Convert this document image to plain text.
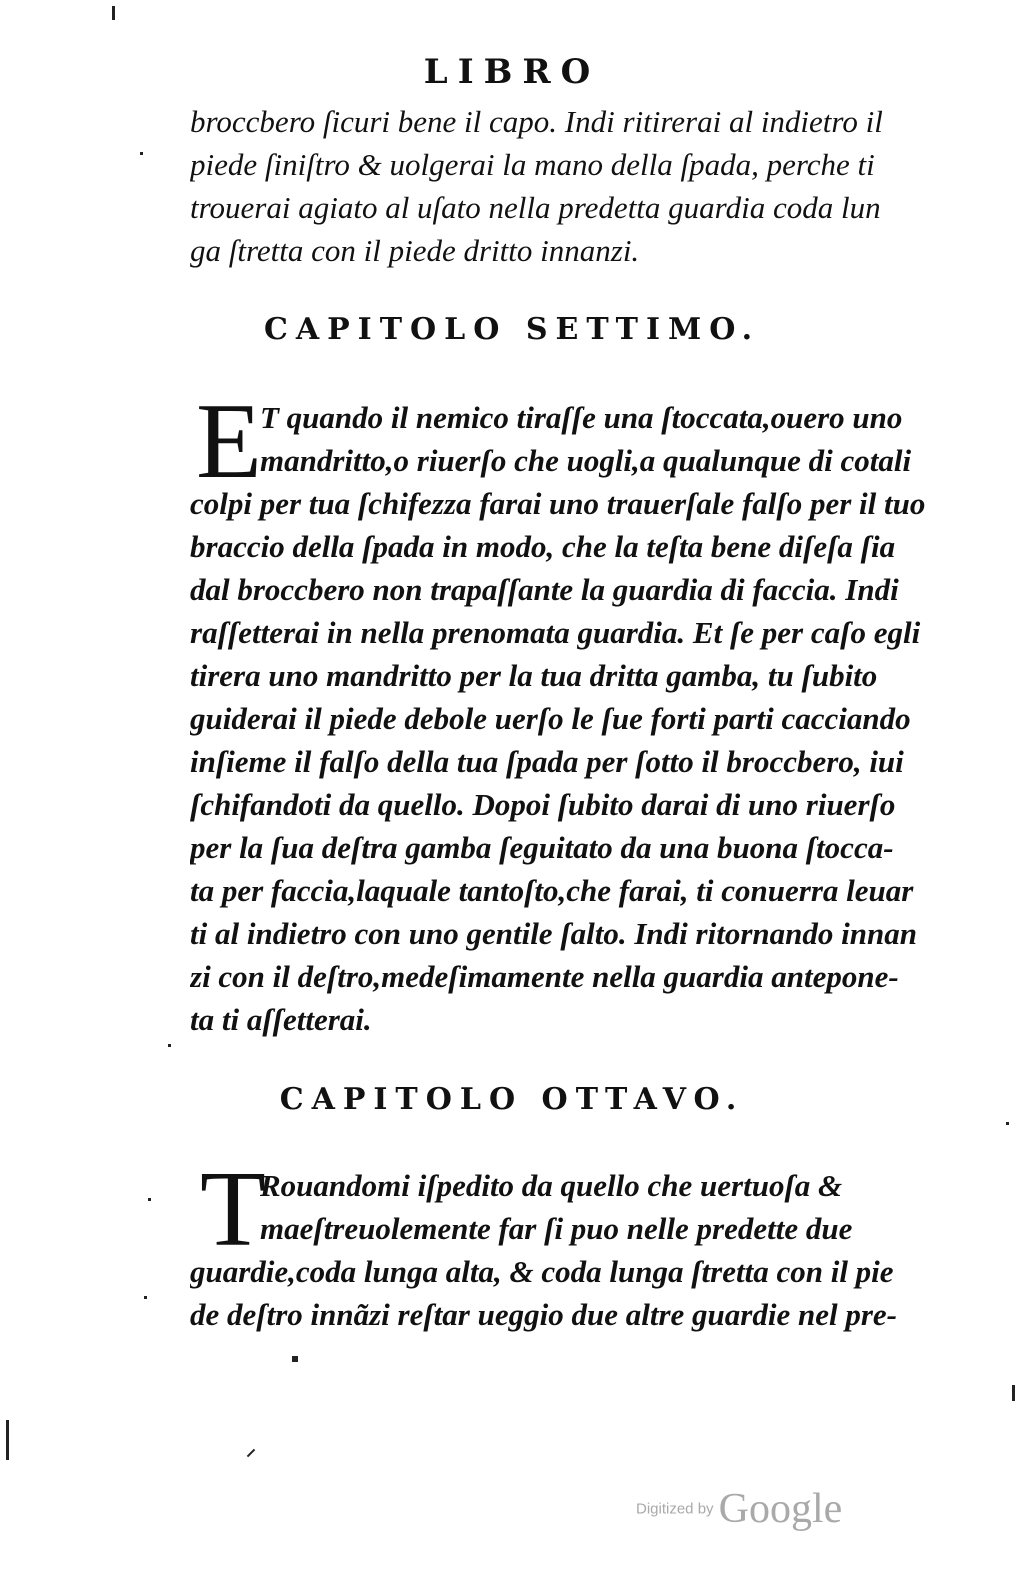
LIBRO
broccbero ſicuri bene il capo. Indi ritirerai al indietro il
piede ſiniſtro & uolgerai la mano della ſpada, perche ti
trouerai agiato al uſato nella predetta guardia coda lun
ga ſtretta con il piede dritto innanzi.
CAPITOLO SETTIMO.
E
T quando il nemico tiraſſe una ſtoccata,ouero uno
mandritto,o riuerſo che uogli,a qualunque di cotali
colpi per tua ſchifezza farai uno trauerſale falſo per il tuo
braccio della ſpada in modo, che la teſta bene diſeſa ſia
dal broccbero non trapaſſante la guardia di faccia. Indi
raſſetterai in nella prenomata guardia. Et ſe per caſo egli
tirera uno mandritto per la tua dritta gamba, tu ſubito
guiderai il piede debole uerſo le ſue forti parti cacciando
inſieme il falſo della tua ſpada per ſotto il broccbero, iui
ſchifandoti da quello. Dopoi ſubito darai di uno riuerſo
per la ſua deſtra gamba ſeguitato da una buona ſtocca-
ta per faccia,laquale tantoſto,che farai, ti conuerra leuar
ti al indietro con uno gentile ſalto. Indi ritornando innan
zi con il deſtro,medeſimamente nella guardia antepone-
ta ti aſſetterai.
CAPITOLO OTTAVO.
T
Rouandomi iſpedito da quello che uertuoſa &
maeſtreuolemente far ſi puo nelle predette due
guardie,coda lunga alta, & coda lunga ſtretta con il pie
de deſtro innãzi reſtar ueggio due altre guardie nel pre-
Digitized by Google
